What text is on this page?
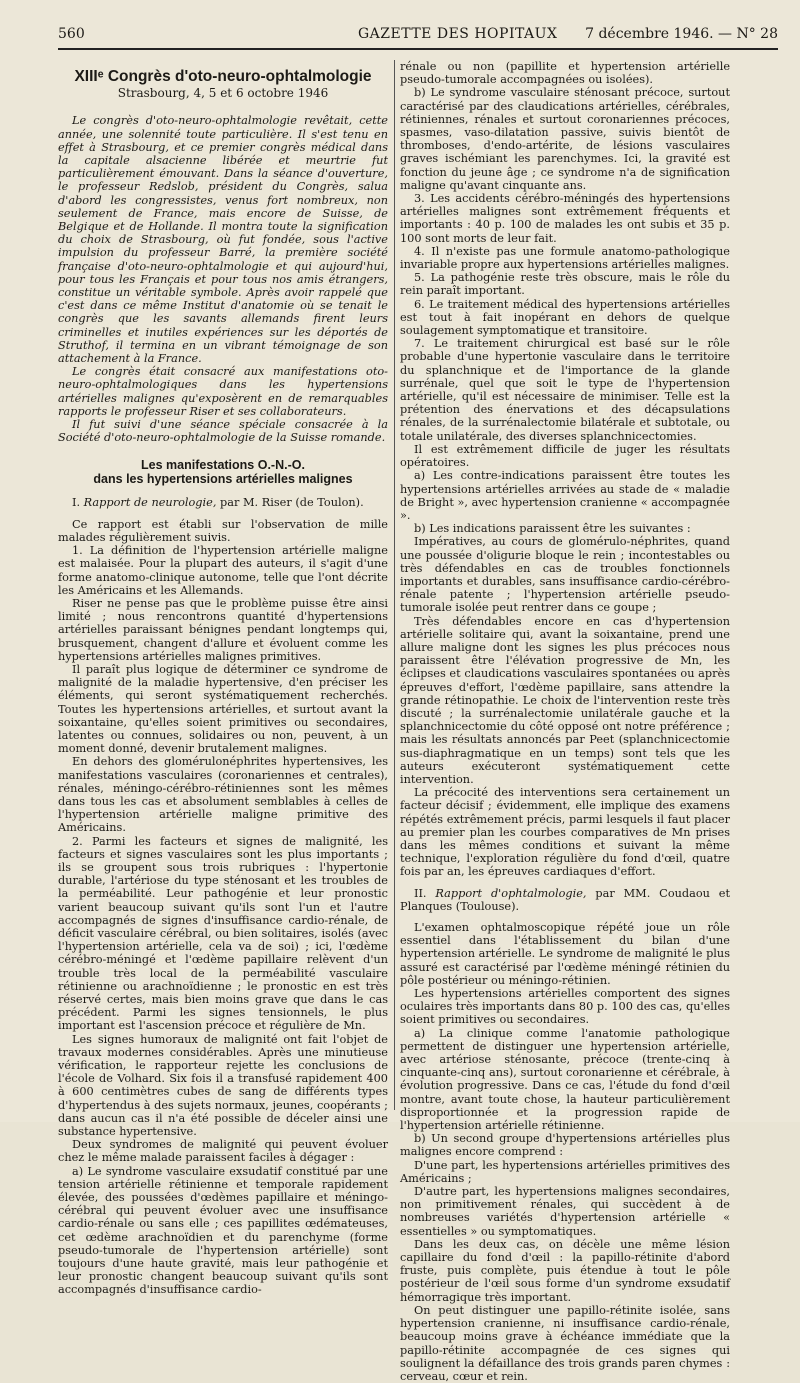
560	GAZETTE DES HOPITAUX 7 décembre 1946. — N° 28
XIIIᵉ Congrès d'oto-neuro-ophtalmologie
Strasbourg, 4, 5 et 6 octobre 1946

Le congrès d'oto-neuro-ophtalmologie revêtait, cette année, une solennité toute particulière. Il s'est tenu en effet à Strasbourg, et ce premier congrès médical dans la capitale alsacienne libérée et meurtrie fut particulièrement émouvant. Dans la séance d'ouverture, le professeur Redslob, président du Congrès, salua d'abord les congressistes, venus fort nombreux, non seulement de France, mais encore de Suisse, de Belgique et de Hollande. Il montra toute la signification du choix de Strasbourg, où fut fondée, sous l'active impulsion du professeur Barré, la première société française d'oto-neuro-ophtalmologie et qui aujourd'hui, pour tous les Français et pour tous nos amis étrangers, constitue un véritable symbole. Après avoir rappelé que c'est dans ce même Institut d'anatomie où se tenait le congrès que les savants allemands firent leurs criminelles et inutiles expériences sur les déportés de Struthof, il termina en un vibrant témoignage de son attachement à la France.

Le congrès était consacré aux manifestations oto-neuro-ophtalmologiques dans les hypertensions artérielles malignes qu'exposèrent en de remarquables rapports le professeur Riser et ses collaborateurs.

Il fut suivi d'une séance spéciale consacrée à la Société d'oto-neuro-ophtalmologie de la Suisse romande.

Les manifestations O.-N.-O.
dans les hypertensions artérielles malignes

I. Rapport de neurologie, par M. Riser (de Toulon).

Ce rapport est établi sur l'observation de mille malades régulièrement suivis.

1. La définition de l'hypertension artérielle maligne est malaisée. Pour la plupart des auteurs, il s'agit d'une forme anatomo-clinique autonome, telle que l'ont décrite les Américains et les Allemands.

Riser ne pense pas que le problème puisse être ainsi limité ; nous rencontrons quantité d'hypertensions artérielles paraissant bénignes pendant longtemps qui, brusquement, changent d'allure et évoluent comme les hypertensions artérielles malignes primitives.

Il paraît plus logique de déterminer ce syndrome de malignité de la maladie hypertensive, d'en préciser les éléments, qui seront systématiquement recherchés. Toutes les hypertensions artérielles, et surtout avant la soixantaine, qu'elles soient primitives ou secondaires, latentes ou connues, solidaires ou non, peuvent, à un moment donné, devenir brutalement malignes.

En dehors des glomérulonéphrites hypertensives, les manifestations vasculaires (coronariennes et centrales), rénales, méningo-cérébro-rétiniennes sont les mêmes dans tous les cas et absolument semblables à celles de l'hypertension artérielle maligne primitive des Américains.

2. Parmi les facteurs et signes de malignité, les facteurs et signes vasculaires sont les plus importants ; ils se groupent sous trois rubriques : l'hypertonie durable, l'artériose du type sténosant et les troubles de la perméabilité. Leur pathogénie et leur pronostic varient beaucoup suivant qu'ils sont l'un et l'autre accompagnés de signes d'insuffisance cardio-rénale, de déficit vasculaire cérébral, ou bien solitaires, isolés (avec l'hypertension artérielle, cela va de soi) ; ici, l'œdème cérébro-méningé et l'œdème papillaire relèvent d'un trouble très local de la perméabilité vasculaire rétinienne ou arachnoïdienne ; le pronostic en est très réservé certes, mais bien moins grave que dans le cas précédent. Parmi les signes tensionnels, le plus important est l'ascension précoce et régulière de Mn.

Les signes humoraux de malignité ont fait l'objet de travaux modernes considérables. Après une minutieuse vérification, le rapporteur rejette les conclusions de l'école de Volhard. Six fois il a transfusé rapidement 400 à 600 centimètres cubes de sang de différents types d'hypertendus à des sujets normaux, jeunes, coopérants ; dans aucun cas il n'a été possible de déceler ainsi une substance hypertensive.

Deux syndromes de malignité qui peuvent évoluer chez le même malade paraissent faciles à dégager :

a) Le syndrome vasculaire exsudatif constitué par une tension artérielle rétinienne et temporale rapidement élevée, des poussées d'œdèmes papillaire et méningo-cérébral qui peuvent évoluer avec une insuffisance cardio-rénale ou sans elle ; ces papillites œdémateuses, cet œdème arachnoïdien et du parenchyme (forme pseudo-tumorale de l'hypertension artérielle) sont toujours d'une haute gravité, mais leur pathogénie et leur pronostic changent beaucoup suivant qu'ils sont accompagnés d'insuffisance cardio-

rénale ou non (papillite et hypertension artérielle pseudo-tumorale accompagnées ou isolées).

b) Le syndrome vasculaire sténosant précoce, surtout caractérisé par des claudications artérielles, cérébrales, rétiniennes, rénales et surtout coronariennes précoces, spasmes, vaso-dilatation passive, suivis bientôt de thromboses, d'endo-artérite, de lésions vasculaires graves ischémiant les parenchymes. Ici, la gravité est fonction du jeune âge ; ce syndrome n'a de signification maligne qu'avant cinquante ans.

3. Les accidents cérébro-méningés des hypertensions artérielles malignes sont extrêmement fréquents et importants : 40 p. 100 de malades les ont subis et 35 p. 100 sont morts de leur fait.

4. Il n'existe pas une formule anatomo-pathologique invariable propre aux hypertensions artérielles malignes.

5. La pathogénie reste très obscure, mais le rôle du rein paraît important.

6. Le traitement médical des hypertensions artérielles est tout à fait inopérant en dehors de quelque soulagement symptomatique et transitoire.

7. Le traitement chirurgical est basé sur le rôle probable d'une hypertonie vasculaire dans le territoire du splanchnique et de l'importance de la glande surrénale, quel que soit le type de l'hypertension artérielle, qu'il est nécessaire de minimiser. Telle est la prétention des énervations et des décapsulations rénales, de la surrénalectomie bilatérale et subtotale, ou totale unilatérale, des diverses splanchnicectomies.

Il est extrêmement difficile de juger les résultats opératoires.

a) Les contre-indications paraissent être toutes les hypertensions artérielles arrivées au stade de « maladie de Bright », avec hypertension cranienne « accompagnée ».

b) Les indications paraissent être les suivantes :

Impératives, au cours de glomérulo-néphrites, quand une poussée d'oligurie bloque le rein ; incontestables ou très défendables en cas de troubles fonctionnels importants et durables, sans insuffisance cardio-cérébro-rénale patente ; l'hypertension artérielle pseudo-tumorale isolée peut rentrer dans ce goupe ;

Très défendables encore en cas d'hypertension artérielle solitaire qui, avant la soixantaine, prend une allure maligne dont les signes les plus précoces nous paraissent être l'élévation progressive de Mn, les éclipses et claudications vasculaires spontanées ou après épreuves d'effort, l'œdème papillaire, sans attendre la grande rétinopathie. Le choix de l'intervention reste très discuté ; la surrénalectomie unilatérale gauche et la splanchnicectomie du côté opposé ont notre préférence ; mais les résultats annoncés par Peet (splanchnicectomie sus-diaphragmatique en un temps) sont tels que les auteurs exécuteront systématiquement cette intervention.

La précocité des interventions sera certainement un facteur décisif ; évidemment, elle implique des examens répétés extrêmement précis, parmi lesquels il faut placer au premier plan les courbes comparatives de Mn prises dans les mêmes conditions et suivant la même technique, l'exploration régulière du fond d'œil, quatre fois par an, les épreuves cardiaques d'effort.

II. Rapport d'ophtalmologie, par MM. Coudaou et Planques (Toulouse).

L'examen ophtalmoscopique répété joue un rôle essentiel dans l'établissement du bilan d'une hypertension artérielle. Le syndrome de malignité le plus assuré est caractérisé par l'œdème méningé rétinien du pôle postérieur ou méningo-rétinien.

Les hypertensions artérielles comportent des signes oculaires très importants dans 80 p. 100 des cas, qu'elles soient primitives ou secondaires.

a) La clinique comme l'anatomie pathologique permettent de distinguer une hypertension artérielle, avec artériose sténosante, précoce (trente-cinq à cinquante-cinq ans), surtout coronarienne et cérébrale, à évolution progressive. Dans ce cas, l'étude du fond d'œil montre, avant toute chose, la hauteur particulièrement disproportionnée et la progression rapide de l'hypertension artérielle rétinienne.

b) Un second groupe d'hypertensions artérielles plus malignes encore comprend :

D'une part, les hypertensions artérielles primitives des Américains ;

D'autre part, les hypertensions malignes secondaires, non primitivement rénales, qui succèdent à de nombreuses variétés d'hypertension artérielle « essentielles » ou symptomatiques.

Dans les deux cas, on décèle une même lésion capillaire du fond d'œil : la papillo-rétinite d'abord fruste, puis complète, puis étendue à tout le pôle postérieur de l'œil sous forme d'un syndrome exsudatif hémorragique très important.

On peut distinguer une papillo-rétinite isolée, sans hypertension cranienne, ni insuffisance cardio-rénale, beaucoup moins grave à échéance immédiate que la papillo-rétinite accompagnée de ces signes qui soulignent la défaillance des trois grands paren chymes : cerveau, cœur et rein.
